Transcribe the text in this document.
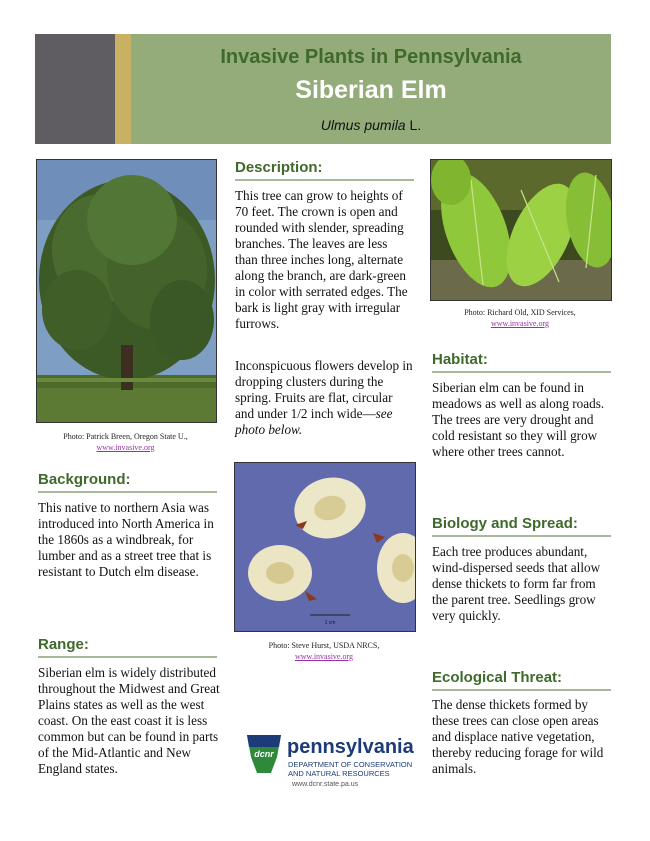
Invasive Plants in Pennsylvania
Siberian Elm
Ulmus pumila L.
Photo: Patrick Breen, Oregon State U.,
www.invasive.org
Background:
This native to northern Asia was introduced into North America in the 1860s as a windbreak, for lumber and as a street tree that is resistant to Dutch elm disease.
Range:
Siberian elm is widely distributed throughout the Midwest and Great Plains states as well as the west coast. On the east coast it is less common but can be found in parts of the Mid-Atlantic and New England states.
Description:
This tree can grow to heights of 70 feet. The crown is open and rounded with slender, spreading branches. The leaves are less than three inches long, alternate along the branch, are dark-green in color with serrated edges. The bark is light gray with irregular furrows.
Inconspicuous flowers develop in dropping clusters during the spring. Fruits are flat, circular and under 1/2 inch wide—see photo below.
1 cm
Photo: Steve Hurst, USDA NRCS,
www.invasive.org
dcnr pennsylvania
DEPARTMENT OF CONSERVATION
AND NATURAL RESOURCES
www.dcnr.state.pa.us
Photo: Richard Old, XID Services,
www.invasive.org
Habitat:
Siberian elm can be found in meadows as well as along roads. The trees are very drought and cold resistant so they will grow where other trees cannot.
Biology and Spread:
Each tree produces abundant, wind-dispersed seeds that allow dense thickets to form far from the parent tree. Seedlings grow very quickly.
Ecological Threat:
The dense thickets formed by these trees can close open areas and displace native vegetation, thereby reducing forage for wild animals.
